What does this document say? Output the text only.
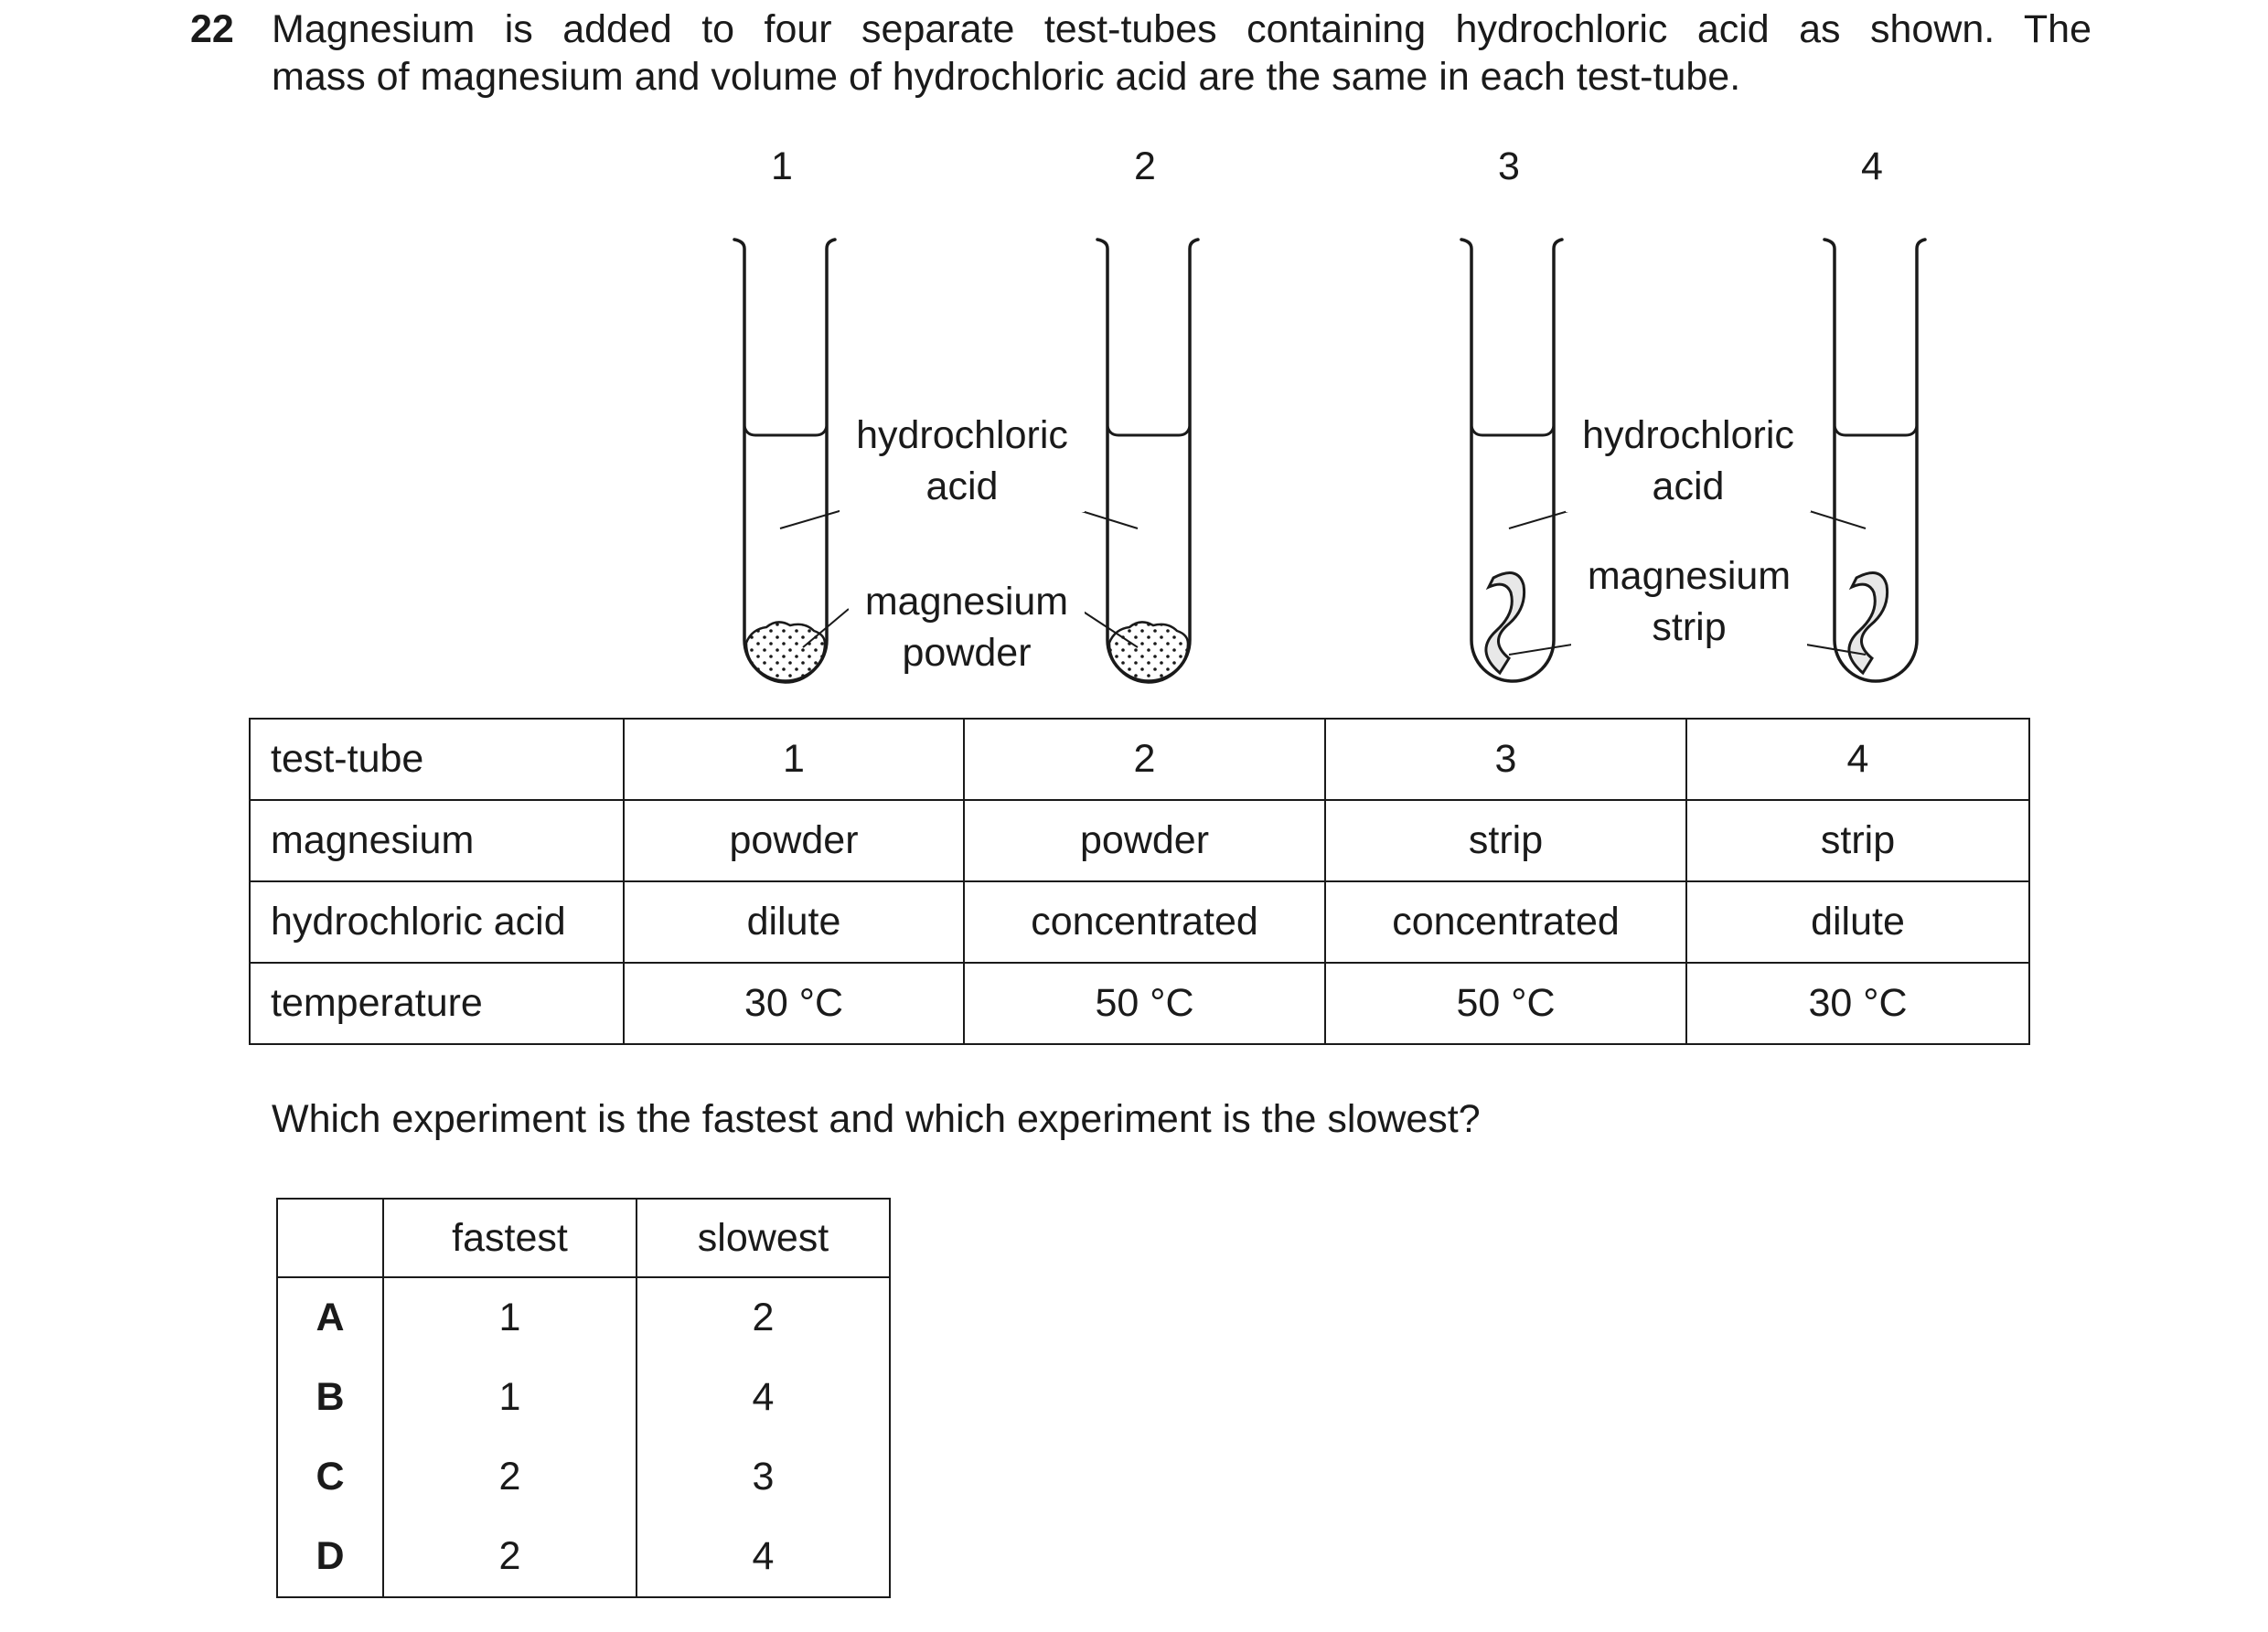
22 Magnesium is added to four separate test-tubes containing hydrochloric acid as shown. The
mass of magnesium and volume of hydrochloric acid are the same in each test-tube.
1	2	3	4
hydrochloric
acid
magnesium
powder
hydrochloric
acid
magnesium
strip
test-tube	1	2	3	4
magnesium	powder	powder	strip	strip
hydrochloric acid	dilute	concentrated	concentrated	dilute
temperature	30 °C	50 °C	50 °C	30 °C
Which experiment is the fastest and which experiment is the slowest?
	fastest	slowest
A	1	2
B	1	4
C	2	3
D	2	4
